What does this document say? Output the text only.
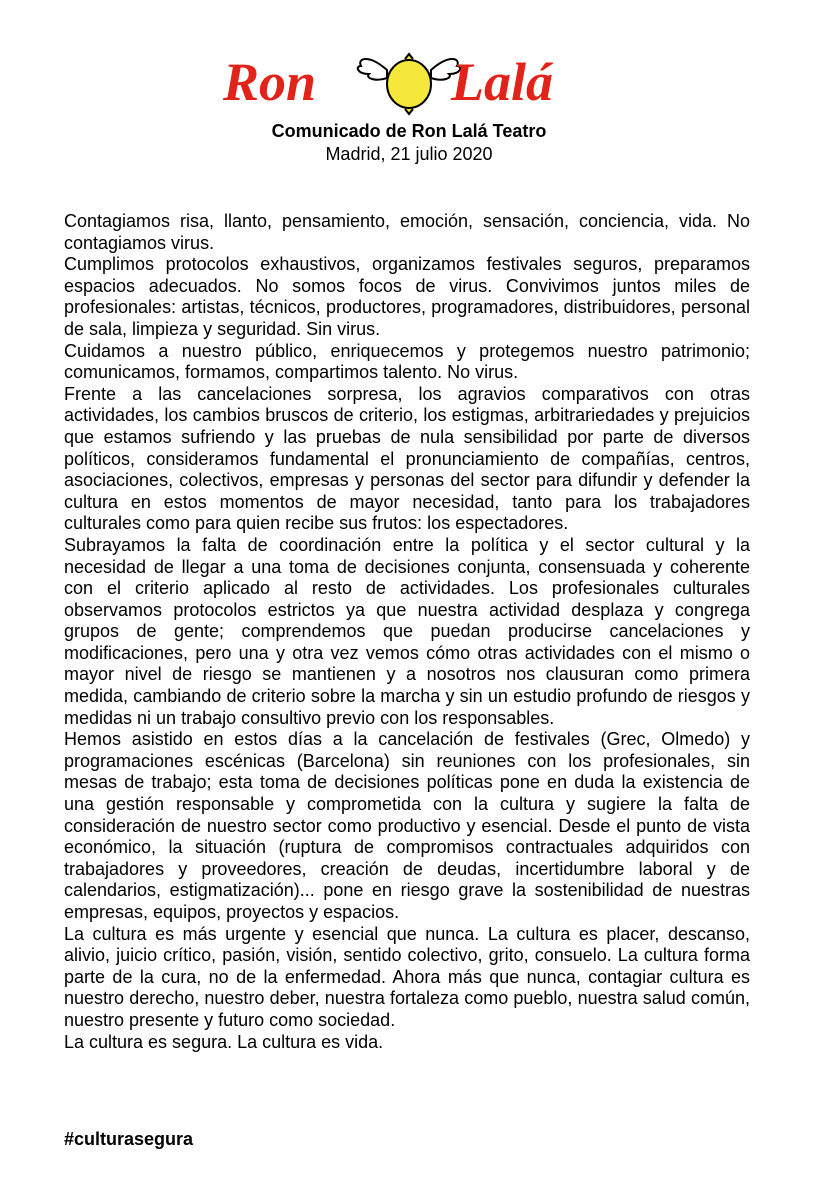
Ron Lalá
Comunicado de Ron Lalá Teatro
Madrid, 21 julio 2020

Contagiamos risa, llanto, pensamiento, emoción, sensación, conciencia, vida. No contagiamos virus.

Cumplimos protocolos exhaustivos, organizamos festivales seguros, preparamos espacios adecuados. No somos focos de virus. Convivimos juntos miles de profesionales: artistas, técnicos, productores, programadores, distribuidores, personal de sala, limpieza y seguridad. Sin virus.

Cuidamos a nuestro público, enriquecemos y protegemos nuestro patrimonio; comunicamos, formamos, compartimos talento. No virus.

Frente a las cancelaciones sorpresa, los agravios comparativos con otras actividades, los cambios bruscos de criterio, los estigmas, arbitrariedades y prejuicios que estamos sufriendo y las pruebas de nula sensibilidad por parte de diversos políticos, consideramos fundamental el pronunciamiento de compañías, centros, asociaciones, colectivos, empresas y personas del sector para difundir y defender la cultura en estos momentos de mayor necesidad, tanto para los trabajadores culturales como para quien recibe sus frutos: los espectadores.

Subrayamos la falta de coordinación entre la política y el sector cultural y la necesidad de llegar a una toma de decisiones conjunta, consensuada y coherente con el criterio aplicado al resto de actividades. Los profesionales culturales observamos protocolos estrictos ya que nuestra actividad desplaza y congrega grupos de gente; comprendemos que puedan producirse cancelaciones y modificaciones, pero una y otra vez vemos cómo otras actividades con el mismo o mayor nivel de riesgo se mantienen y a nosotros nos clausuran como primera medida, cambiando de criterio sobre la marcha y sin un estudio profundo de riesgos y medidas ni un trabajo consultivo previo con los responsables.

Hemos asistido en estos días a la cancelación de festivales (Grec, Olmedo) y programaciones escénicas (Barcelona) sin reuniones con los profesionales, sin mesas de trabajo; esta toma de decisiones políticas pone en duda la existencia de una gestión responsable y comprometida con la cultura y sugiere la falta de consideración de nuestro sector como productivo y esencial. Desde el punto de vista económico, la situación (ruptura de compromisos contractuales adquiridos con trabajadores y proveedores, creación de deudas, incertidumbre laboral y de calendarios, estigmatización)... pone en riesgo grave la sostenibilidad de nuestras empresas, equipos, proyectos y espacios.

La cultura es más urgente y esencial que nunca. La cultura es placer, descanso, alivio, juicio crítico, pasión, visión, sentido colectivo, grito, consuelo. La cultura forma parte de la cura, no de la enfermedad. Ahora más que nunca, contagiar cultura es nuestro derecho, nuestro deber, nuestra fortaleza como pueblo, nuestra salud común, nuestro presente y futuro como sociedad.

La cultura es segura. La cultura es vida.

#culturasegura
